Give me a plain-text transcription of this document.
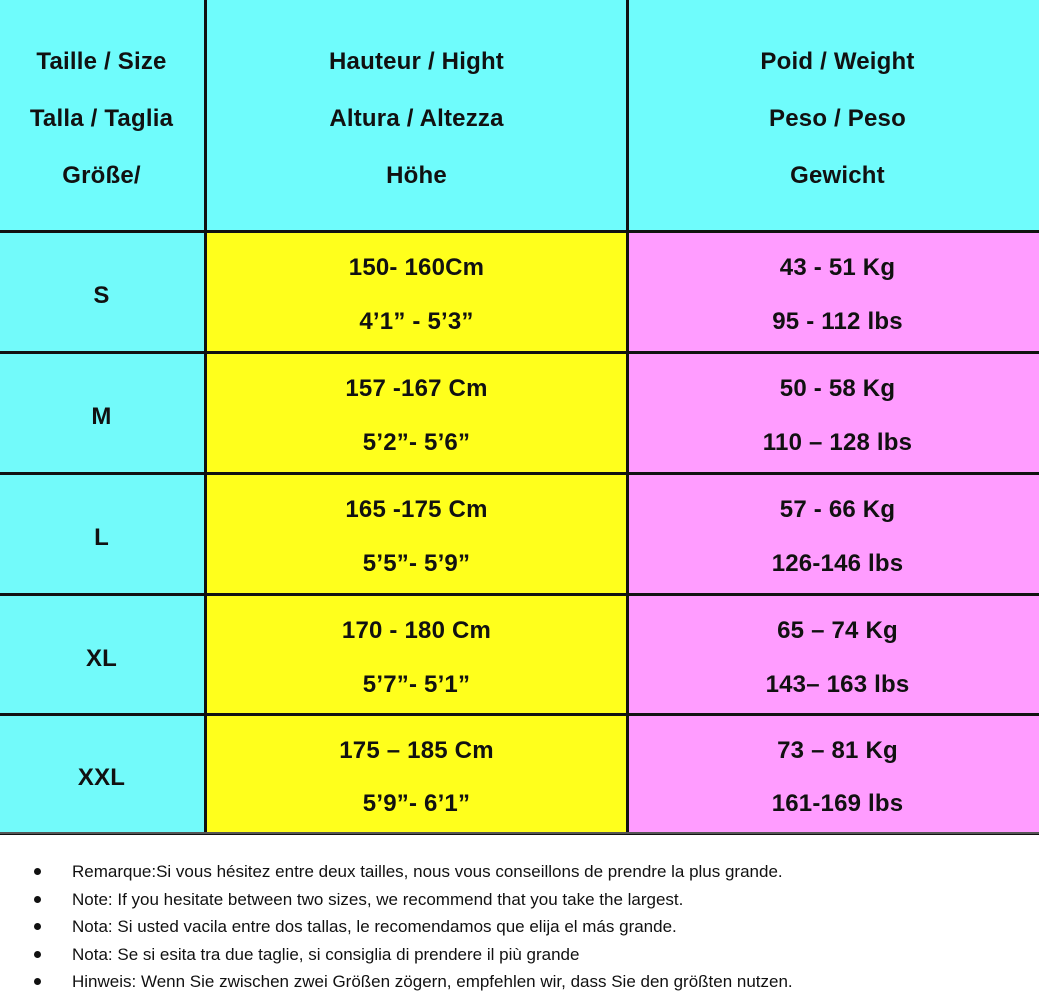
Taille / Size
Talla / Taglia
Größe/
Hauteur / Hight
Altura / Altezza
Höhe
Poid / Weight
Peso / Peso
Gewicht
S
150- 160Cm
4’1” - 5’3”
43 - 51 Kg
95 - 112 lbs
M
157 -167 Cm
5’2”- 5’6”
50 - 58 Kg
110 – 128 lbs
L
165 -175 Cm
5’5”- 5’9”
57 - 66 Kg
126-146 lbs
XL
170 - 180 Cm
5’7”- 5’1”
65 – 74 Kg
143– 163 lbs
XXL
175 – 185 Cm
5’9”- 6’1”
73 – 81 Kg
161-169 lbs
Remarque:Si vous hésitez entre deux tailles, nous vous conseillons de prendre la plus grande.
Note: If you hesitate between two sizes, we recommend that you take the largest.
Nota: Si usted vacila entre dos tallas, le recomendamos que elija el más grande.
Nota: Se si esita tra due taglie, si consiglia di prendere il più grande
Hinweis: Wenn Sie zwischen zwei Größen zögern, empfehlen wir, dass Sie den größten nutzen.
